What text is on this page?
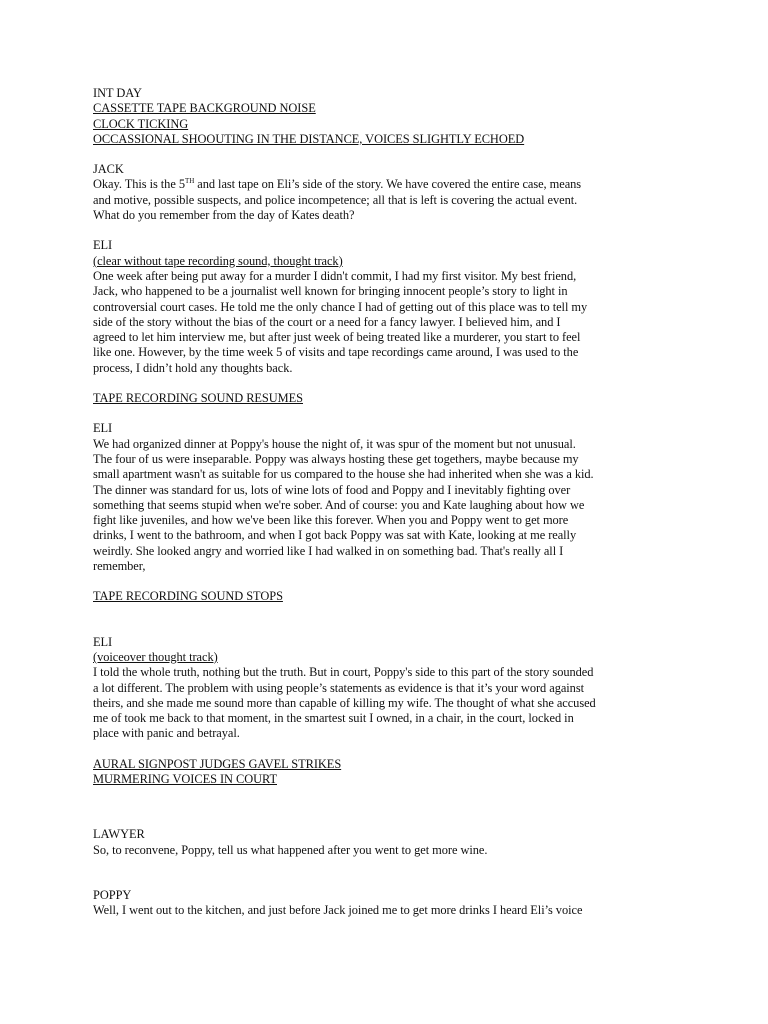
INT DAY
CASSETTE TAPE BACKGROUND NOISE
CLOCK TICKING
OCCASSIONAL SHOOUTING IN THE DISTANCE, VOICES SLIGHTLY ECHOED
JACK
Okay. This is the 5TH and last tape on Eli’s side of the story. We have covered the entire case, means
and motive, possible suspects, and police incompetence; all that is left is covering the actual event.
What do you remember from the day of Kates death?
ELI
(clear without tape recording sound, thought track)
One week after being put away for a murder I didn't commit, I had my first visitor. My best friend,
Jack, who happened to be a journalist well known for bringing innocent people’s story to light in
controversial court cases. He told me the only chance I had of getting out of this place was to tell my
side of the story without the bias of the court or a need for a fancy lawyer. I believed him, and I
agreed to let him interview me, but after just week of being treated like a murderer, you start to feel
like one. However, by the time week 5 of visits and tape recordings came around, I was used to the
process, I didn’t hold any thoughts back.
TAPE RECORDING SOUND RESUMES
ELI
We had organized dinner at Poppy's house the night of, it was spur of the moment but not unusual.
The four of us were inseparable. Poppy was always hosting these get togethers, maybe because my
small apartment wasn't as suitable for us compared to the house she had inherited when she was a kid.
The dinner was standard for us, lots of wine lots of food and Poppy and I inevitably fighting over
something that seems stupid when we're sober. And of course: you and Kate laughing about how we
fight like juveniles, and how we've been like this forever. When you and Poppy went to get more
drinks, I went to the bathroom, and when I got back Poppy was sat with Kate, looking at me really
weirdly. She looked angry and worried like I had walked in on something bad. That's really all I
remember,
TAPE RECORDING SOUND STOPS
ELI
(voiceover thought track)
I told the whole truth, nothing but the truth. But in court, Poppy's side to this part of the story sounded
a lot different. The problem with using people’s statements as evidence is that it’s your word against
theirs, and she made me sound more than capable of killing my wife. The thought of what she accused
me of took me back to that moment, in the smartest suit I owned, in a chair, in the court, locked in
place with panic and betrayal.
AURAL SIGNPOST JUDGES GAVEL STRIKES
MURMERING VOICES IN COURT
LAWYER
So, to reconvene, Poppy, tell us what happened after you went to get more wine.
POPPY
Well, I went out to the kitchen, and just before Jack joined me to get more drinks I heard Eli’s voice
